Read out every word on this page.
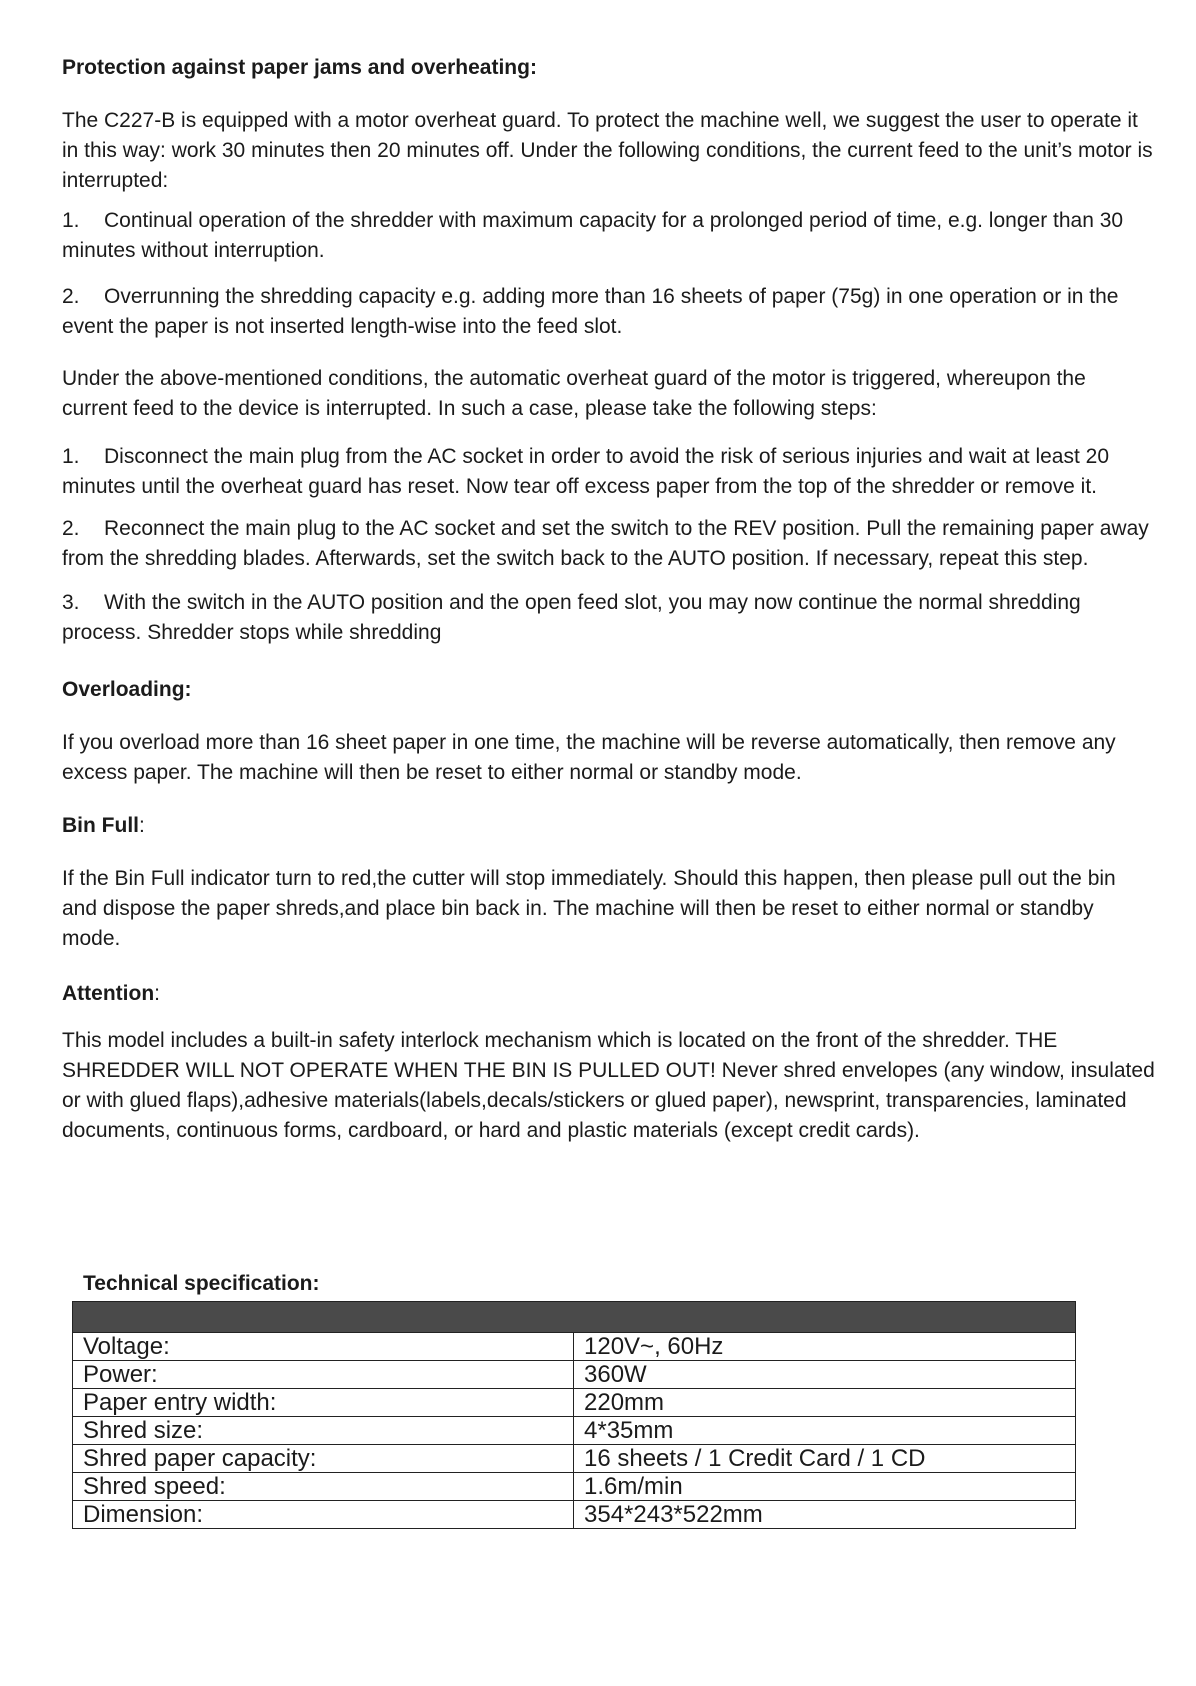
Protection against paper jams and overheating:

The C227-B is equipped with a motor overheat guard. To protect the machine well, we suggest the user to operate it in this way: work 30 minutes then 20 minutes off. Under the following conditions, the current feed to the unit’s motor is interrupted:

1. Continual operation of the shredder with maximum capacity for a prolonged period of time, e.g. longer than 30 minutes without interruption.

2. Overrunning the shredding capacity e.g. adding more than 16 sheets of paper (75g) in one operation or in the event the paper is not inserted length-wise into the feed slot.

Under the above-mentioned conditions, the automatic overheat guard of the motor is triggered, whereupon the current feed to the device is interrupted. In such a case, please take the following steps:

1. Disconnect the main plug from the AC socket in order to avoid the risk of serious injuries and wait at least 20 minutes until the overheat guard has reset. Now tear off excess paper from the top of the shredder or remove it.

2. Reconnect the main plug to the AC socket and set the switch to the REV position. Pull the remaining paper away from the shredding blades. Afterwards, set the switch back to the AUTO position. If necessary, repeat this step.

3. With the switch in the AUTO position and the open feed slot, you may now continue the normal shredding process. Shredder stops while shredding

Overloading:

If you overload more than 16 sheet paper in one time, the machine will be reverse automatically, then remove any excess paper. The machine will then be reset to either normal or standby mode.

Bin Full:

If the Bin Full indicator turn to red,the cutter will stop immediately. Should this happen, then please pull out the bin and dispose the paper shreds,and place bin back in. The machine will then be reset to either normal or standby mode.

Attention:

This model includes a built-in safety interlock mechanism which is located on the front of the shredder. THE SHREDDER WILL NOT OPERATE WHEN THE BIN IS PULLED OUT! Never shred envelopes (any window, insulated or with glued flaps),adhesive materials(labels,decals/stickers or glued paper), newsprint, transparencies, laminated documents, continuous forms, cardboard, or hard and plastic materials (except credit cards).

Technical specification:

Voltage:	120V~, 60Hz
Power:	360W
Paper entry width:	220mm
Shred size:	4*35mm
Shred paper capacity:	16 sheets / 1 Credit Card / 1 CD
Shred speed:	1.6m/min
Dimension:	354*243*522mm
